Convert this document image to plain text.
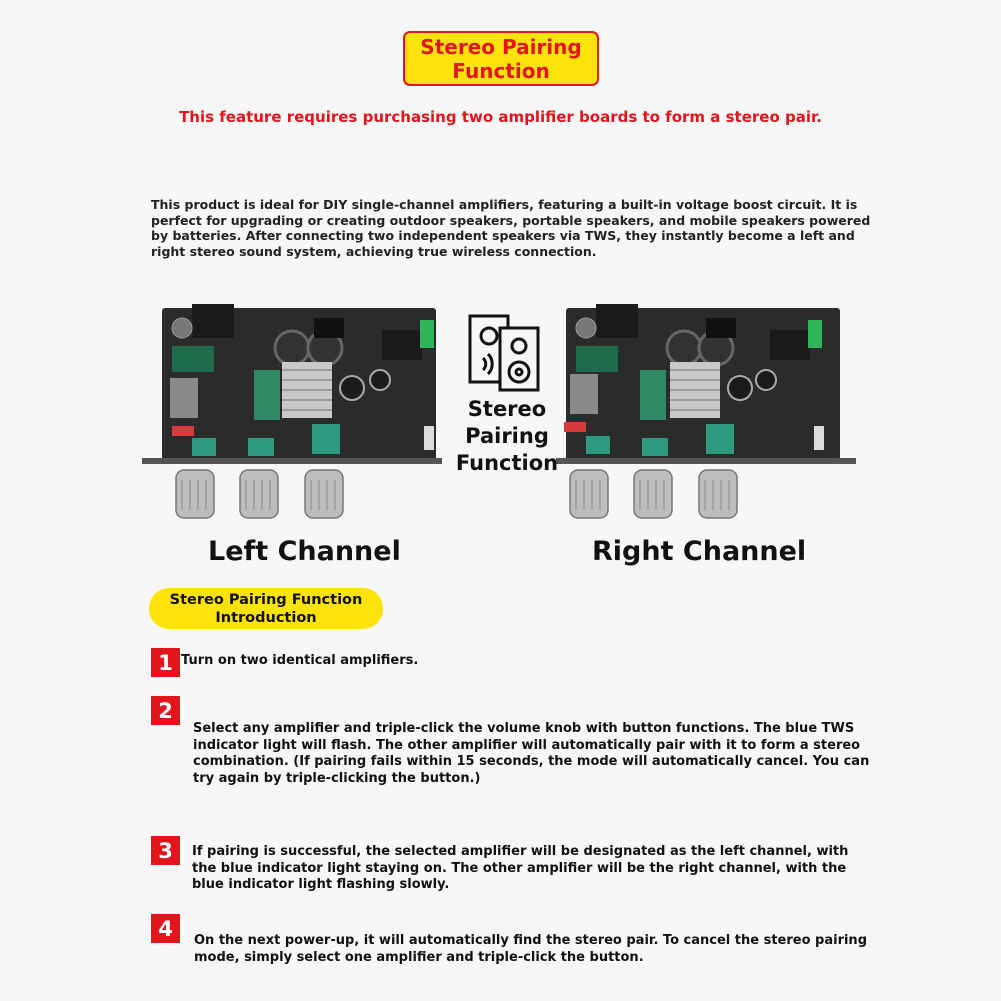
Stereo Pairing
Function
This feature requires purchasing two amplifier boards to form a stereo pair.
This product is ideal for DIY single-channel amplifiers, featuring a built-in voltage boost circuit. It is perfect for upgrading or creating outdoor speakers, portable speakers, and mobile speakers powered by batteries. After connecting two independent speakers via TWS, they instantly become a left and right stereo sound system, achieving true wireless connection.
Stereo
Pairing
Function
Left Channel	Right Channel
Stereo Pairing Function
Introduction
1 Turn on two identical amplifiers.
2
Select any amplifier and triple-click the volume knob with button functions. The blue TWS indicator light will flash. The other amplifier will automatically pair with it to form a stereo combination. (If pairing fails within 15 seconds, the mode will automatically cancel. You can try again by triple-clicking the button.)
3	If pairing is successful, the selected amplifier will be designated as the left channel, with the blue indicator light staying on. The other amplifier will be the right channel, with the blue indicator light flashing slowly.
4	On the next power-up, it will automatically find the stereo pair. To cancel the stereo pairing mode, simply select one amplifier and triple-click the button.
